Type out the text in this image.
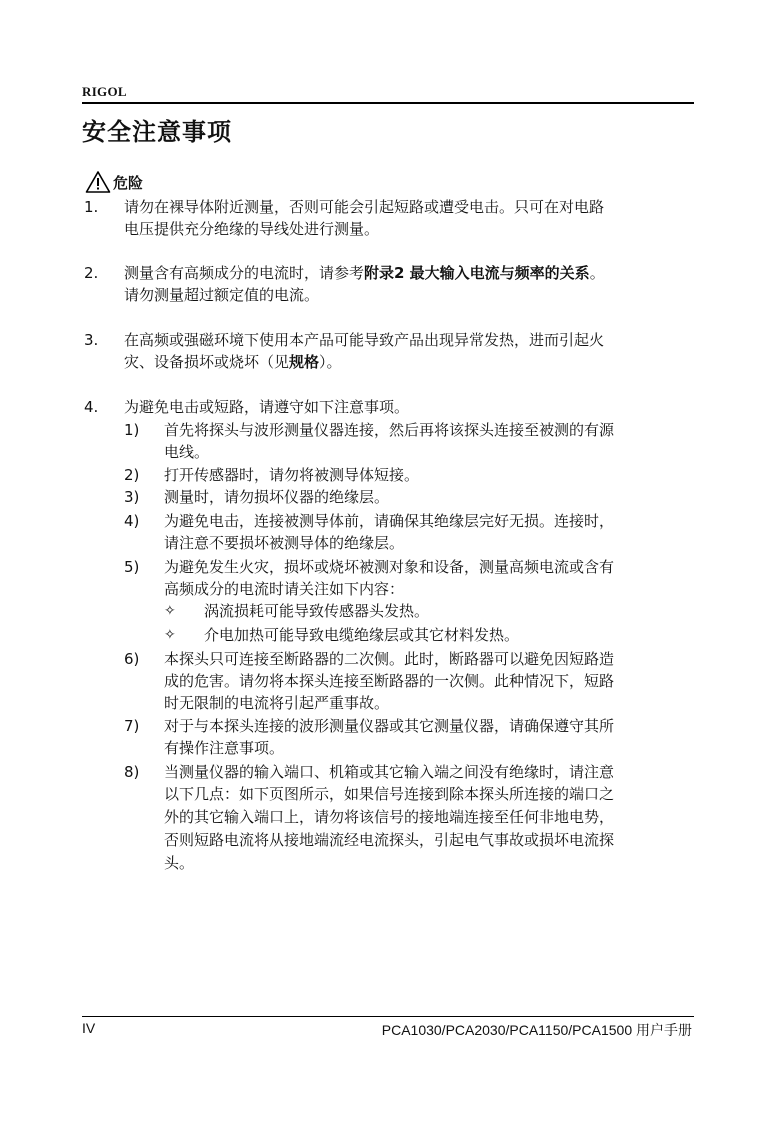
RIGOL
安全注意事项
危险
1. 请勿在裸导体附近测量，否则可能会引起短路或遭受电击。只可在对电路
电压提供充分绝缘的导线处进行测量。
2. 测量含有高频成分的电流时，请参考附录2 最大输入电流与频率的关系。
请勿测量超过额定值的电流。
3. 在高频或强磁环境下使用本产品可能导致产品出现异常发热，进而引起火
灾、设备损坏或烧坏（见规格）。
4. 为避免电击或短路，请遵守如下注意事项。
1) 首先将探头与波形测量仪器连接，然后再将该探头连接至被测的有源
电线。
2) 打开传感器时，请勿将被测导体短接。
3) 测量时，请勿损坏仪器的绝缘层。
4) 为避免电击，连接被测导体前，请确保其绝缘层完好无损。连接时，
请注意不要损坏被测导体的绝缘层。
5) 为避免发生火灾，损坏或烧坏被测对象和设备，测量高频电流或含有
高频成分的电流时请关注如下内容：
✧ 涡流损耗可能导致传感器头发热。
✧ 介电加热可能导致电缆绝缘层或其它材料发热。
6) 本探头只可连接至断路器的二次侧。此时，断路器可以避免因短路造
成的危害。请勿将本探头连接至断路器的一次侧。此种情况下，短路
时无限制的电流将引起严重事故。
7) 对于与本探头连接的波形测量仪器或其它测量仪器，请确保遵守其所
有操作注意事项。
8) 当测量仪器的输入端口、机箱或其它输入端之间没有绝缘时，请注意
以下几点：如下页图所示，如果信号连接到除本探头所连接的端口之
外的其它输入端口上，请勿将该信号的接地端连接至任何非地电势，
否则短路电流将从接地端流经电流探头，引起电气事故或损坏电流探
头。
IV	PCA1030/PCA2030/PCA1150/PCA1500 用户手册
